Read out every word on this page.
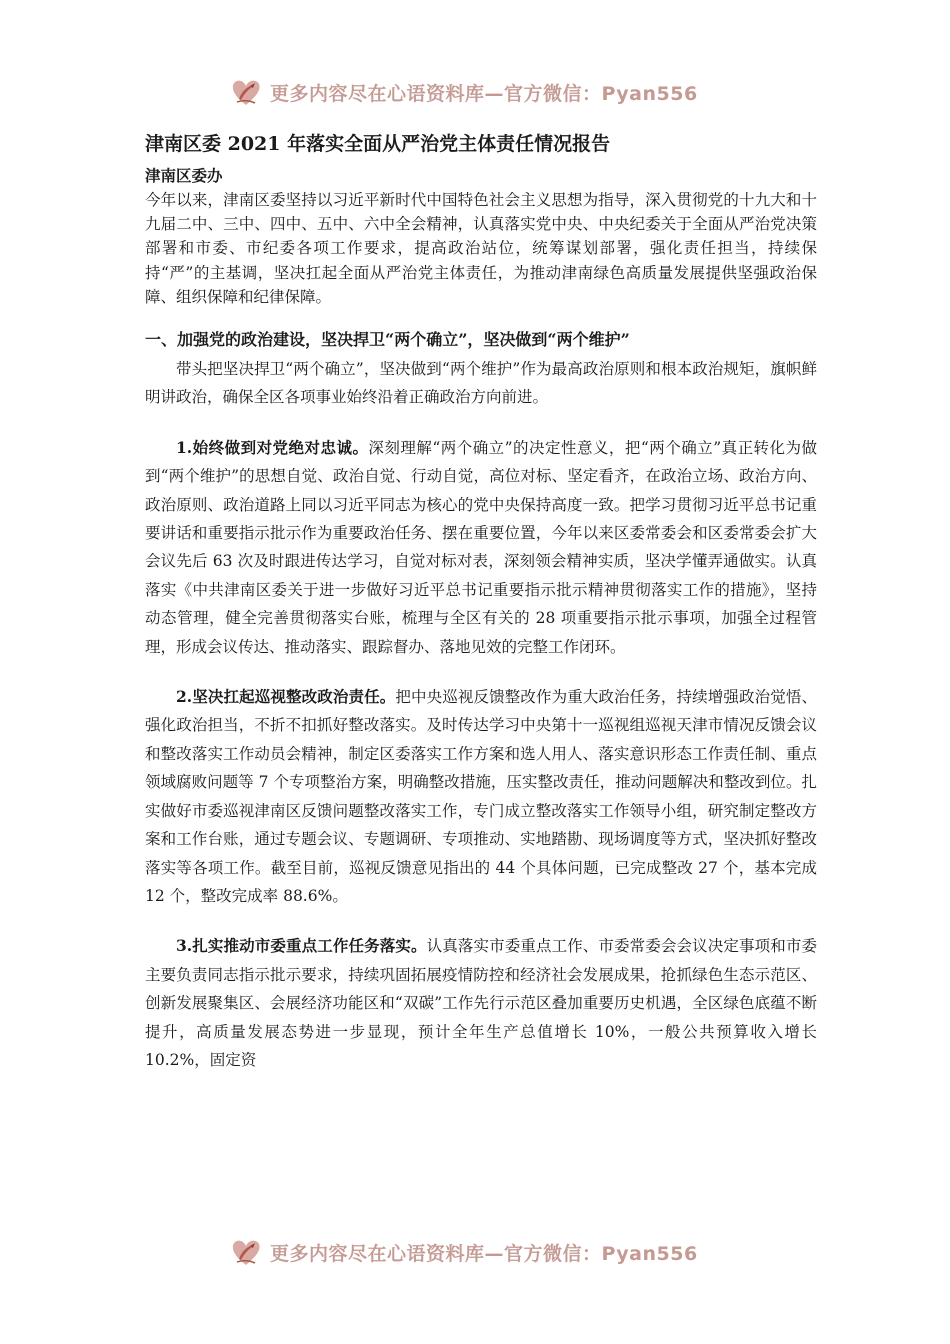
更多内容尽在心语资料库—官方微信：Pyan556
津南区委 2021 年落实全面从严治党主体责任情况报告
津南区委办

今年以来，津南区委坚持以习近平新时代中国特色社会主义思想为指导，深入贯彻党的十九大和十九届二中、三中、四中、五中、六中全会精神，认真落实党中央、中央纪委关于全面从严治党决策部署和市委、市纪委各项工作要求，提高政治站位，统筹谋划部署，强化责任担当，持续保持“严”的主基调，坚决扛起全面从严治党主体责任，为推动津南绿色高质量发展提供坚强政治保障、组织保障和纪律保障。

一、加强党的政治建设，坚决捍卫“两个确立”，坚决做到“两个维护”

带头把坚决捍卫“两个确立”，坚决做到“两个维护”作为最高政治原则和根本政治规矩，旗帜鲜明讲政治，确保全区各项事业始终沿着正确政治方向前进。

1.始终做到对党绝对忠诚。深刻理解“两个确立”的决定性意义，把“两个确立”真正转化为做到“两个维护”的思想自觉、政治自觉、行动自觉，高位对标、坚定看齐，在政治立场、政治方向、政治原则、政治道路上同以习近平同志为核心的党中央保持高度一致。把学习贯彻习近平总书记重要讲话和重要指示批示作为重要政治任务、摆在重要位置，今年以来区委常委会和区委常委会扩大会议先后 63 次及时跟进传达学习，自觉对标对表，深刻领会精神实质，坚决学懂弄通做实。认真落实《中共津南区委关于进一步做好习近平总书记重要指示批示精神贯彻落实工作的措施》，坚持动态管理，健全完善贯彻落实台账，梳理与全区有关的 28 项重要指示批示事项，加强全过程管理，形成会议传达、推动落实、跟踪督办、落地见效的完整工作闭环。

2.坚决扛起巡视整改政治责任。把中央巡视反馈整改作为重大政治任务，持续增强政治觉悟、强化政治担当，不折不扣抓好整改落实。及时传达学习中央第十一巡视组巡视天津市情况反馈会议和整改落实工作动员会精神，制定区委落实工作方案和选人用人、落实意识形态工作责任制、重点领域腐败问题等 7 个专项整治方案，明确整改措施，压实整改责任，推动问题解决和整改到位。扎实做好市委巡视津南区反馈问题整改落实工作，专门成立整改落实工作领导小组，研究制定整改方案和工作台账，通过专题会议、专题调研、专项推动、实地踏勘、现场调度等方式，坚决抓好整改落实等各项工作。截至目前，巡视反馈意见指出的 44 个具体问题，已完成整改 27 个，基本完成 12 个，整改完成率 88.6%。

3.扎实推动市委重点工作任务落实。认真落实市委重点工作、市委常委会会议决定事项和市委主要负责同志指示批示要求，持续巩固拓展疫情防控和经济社会发展成果，抢抓绿色生态示范区、创新发展聚集区、会展经济功能区和“双碳”工作先行示范区叠加重要历史机遇，全区绿色底蕴不断提升，高质量发展态势进一步显现，预计全年生产总值增长 10%，一般公共预算收入增长 10.2%，固定资

更多内容尽在心语资料库—官方微信：Pyan556
